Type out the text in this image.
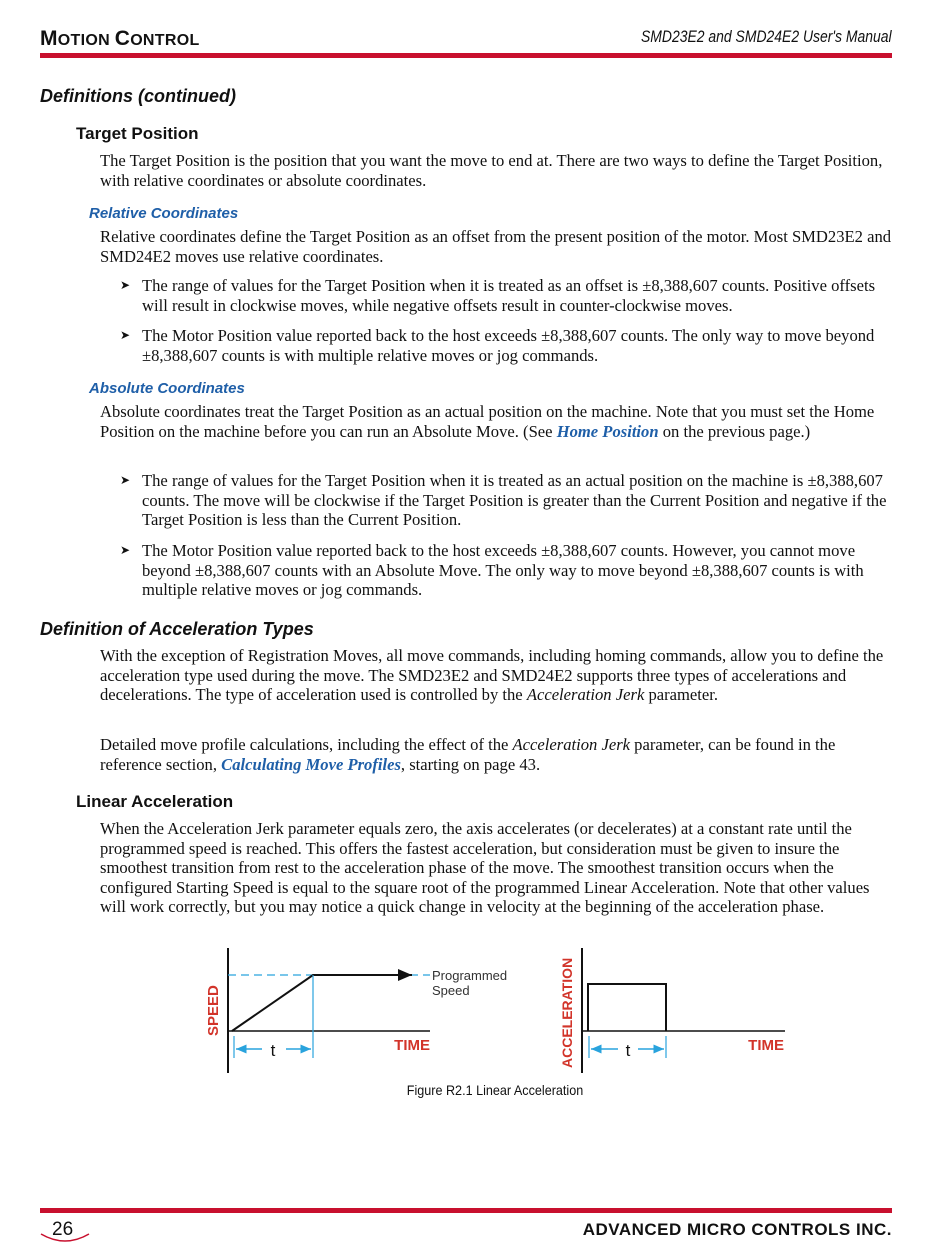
MOTION CONTROL	SMD23E2 and SMD24E2 User's Manual
Definitions (continued)
Target Position
The Target Position is the position that you want the move to end at. There are two ways to define the Target Position, with relative coordinates or absolute coordinates.
Relative Coordinates
Relative coordinates define the Target Position as an offset from the present position of the motor. Most SMD23E2 and SMD24E2 moves use relative coordinates.
➤ The range of values for the Target Position when it is treated as an offset is ±8,388,607 counts. Positive offsets will result in clockwise moves, while negative offsets result in counter-clockwise moves.
➤ The Motor Position value reported back to the host exceeds ±8,388,607 counts. The only way to move beyond ±8,388,607 counts is with multiple relative moves or jog commands.
Absolute Coordinates
Absolute coordinates treat the Target Position as an actual position on the machine. Note that you must set the Home Position on the machine before you can run an Absolute Move. (See Home Position on the previous page.)
➤ The range of values for the Target Position when it is treated as an actual position on the machine is ±8,388,607 counts. The move will be clockwise if the Target Position is greater than the Current Position and negative if the Target Position is less than the Current Position.
➤ The Motor Position value reported back to the host exceeds ±8,388,607 counts. However, you cannot move beyond ±8,388,607 counts with an Absolute Move. The only way to move beyond ±8,388,607 counts is with multiple relative moves or jog commands.
Definition of Acceleration Types
With the exception of Registration Moves, all move commands, including homing commands, allow you to define the acceleration type used during the move. The SMD23E2 and SMD24E2 supports three types of accelerations and decelerations. The type of acceleration used is controlled by the Acceleration Jerk parameter.
Detailed move profile calculations, including the effect of the Acceleration Jerk parameter, can be found in the reference section, Calculating Move Profiles, starting on page 43.
Linear Acceleration
When the Acceleration Jerk parameter equals zero, the axis accelerates (or decelerates) at a constant rate until the programmed speed is reached. This offers the fastest acceleration, but consideration must be given to insure the smoothest transition from rest to the acceleration phase of the move. The smoothest transition occurs when the configured Starting Speed is equal to the square root of the programmed Linear Acceleration. Note that other values will work correctly, but you may notice a quick change in velocity at the beginning of the acceleration phase.
t	TIME
SPEED
Programmed
Speed
t	TIME
ACCELERATION
Figure R2.1 Linear Acceleration
26	ADVANCED MICRO CONTROLS INC.
